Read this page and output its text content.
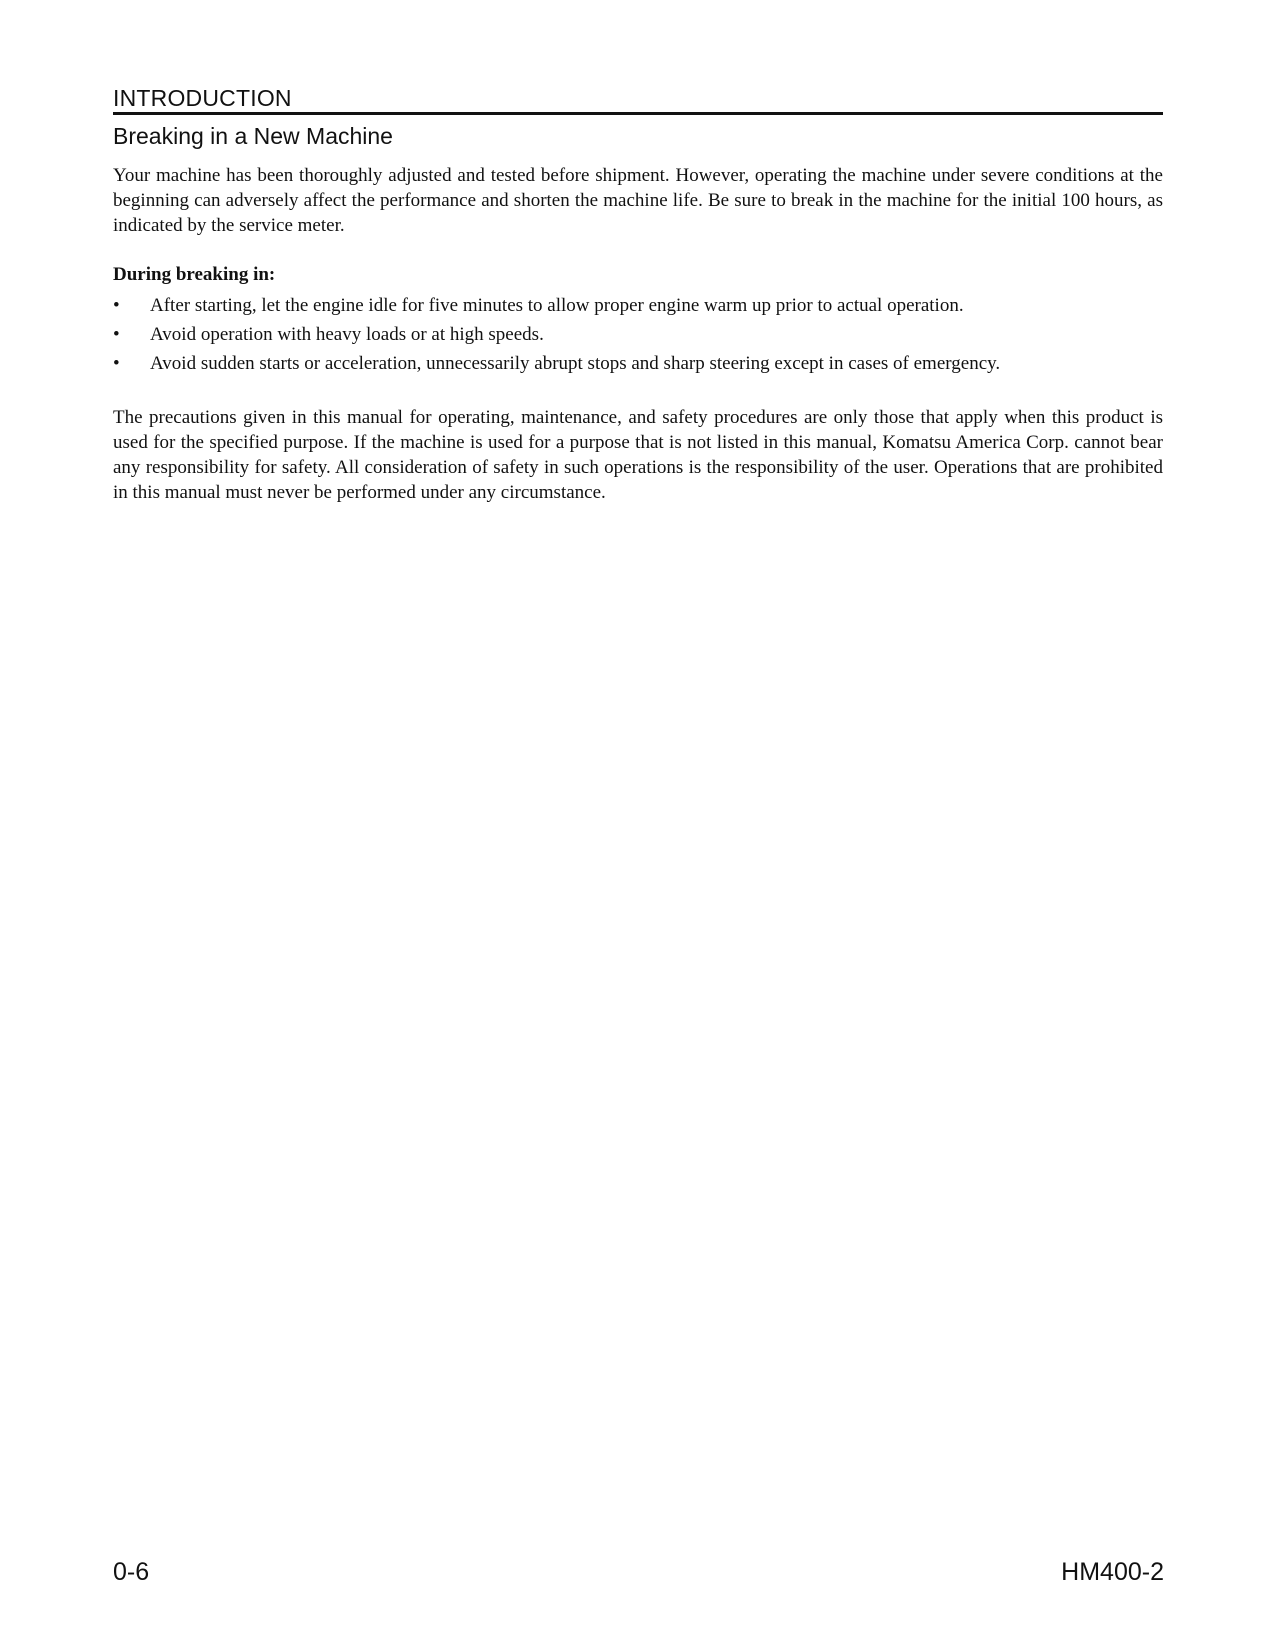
INTRODUCTION
Breaking in a New Machine

Your machine has been thoroughly adjusted and tested before shipment. However, operating the machine under severe conditions at the beginning can adversely affect the performance and shorten the machine life. Be sure to break in the machine for the initial 100 hours, as indicated by the service meter.

During breaking in:
•	After starting, let the engine idle for five minutes to allow proper engine warm up prior to actual operation.
•	Avoid operation with heavy loads or at high speeds.
•	Avoid sudden starts or acceleration, unnecessarily abrupt stops and sharp steering except in cases of emergency.

The precautions given in this manual for operating, maintenance, and safety procedures are only those that apply when this product is used for the specified purpose. If the machine is used for a purpose that is not listed in this manual, Komatsu America Corp. cannot bear any responsibility for safety. All consideration of safety in such operations is the responsibility of the user. Operations that are prohibited in this manual must never be performed under any circumstance.

0-6	HM400-2
